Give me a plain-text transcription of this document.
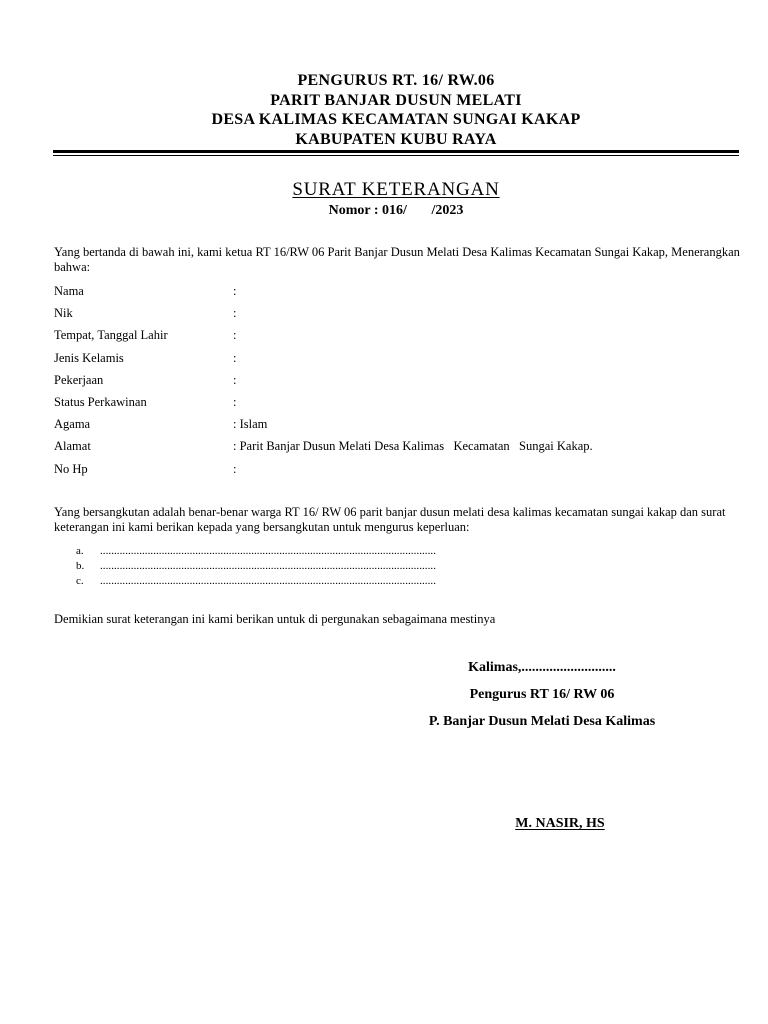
PENGURUS RT. 16/ RW.06
PARIT BANJAR DUSUN MELATI
DESA KALIMAS KECAMATAN SUNGAI KAKAP
KABUPATEN KUBU RAYA
SURAT KETERANGAN
Nomor : 016/       /2023
Yang bertanda di bawah ini, kami ketua RT 16/RW 06 Parit Banjar Dusun Melati Desa Kalimas Kecamatan Sungai Kakap, Menerangkan bahwa:
Nama	:
Nik	:
Tempat, Tanggal Lahir	:
Jenis Kelamis	:
Pekerjaan	:
Status Perkawinan	:
Agama	: Islam
Alamat	: Parit Banjar Dusun Melati Desa Kalimas   Kecamatan   Sungai Kakap.
No Hp	:
Yang bersangkutan adalah benar-benar warga RT 16/ RW 06 parit banjar dusun melati desa kalimas kecamatan sungai kakap dan surat keterangan ini kami berikan kepada yang bersangkutan untuk mengurus keperluan:
a. ........................................................................................................................
b. ........................................................................................................................
c. ........................................................................................................................
Demikian surat keterangan ini kami berikan untuk di pergunakan sebagaimana mestinya
Kalimas,...........................
Pengurus RT 16/ RW 06
P. Banjar Dusun Melati Desa Kalimas
M. NASIR, HS
